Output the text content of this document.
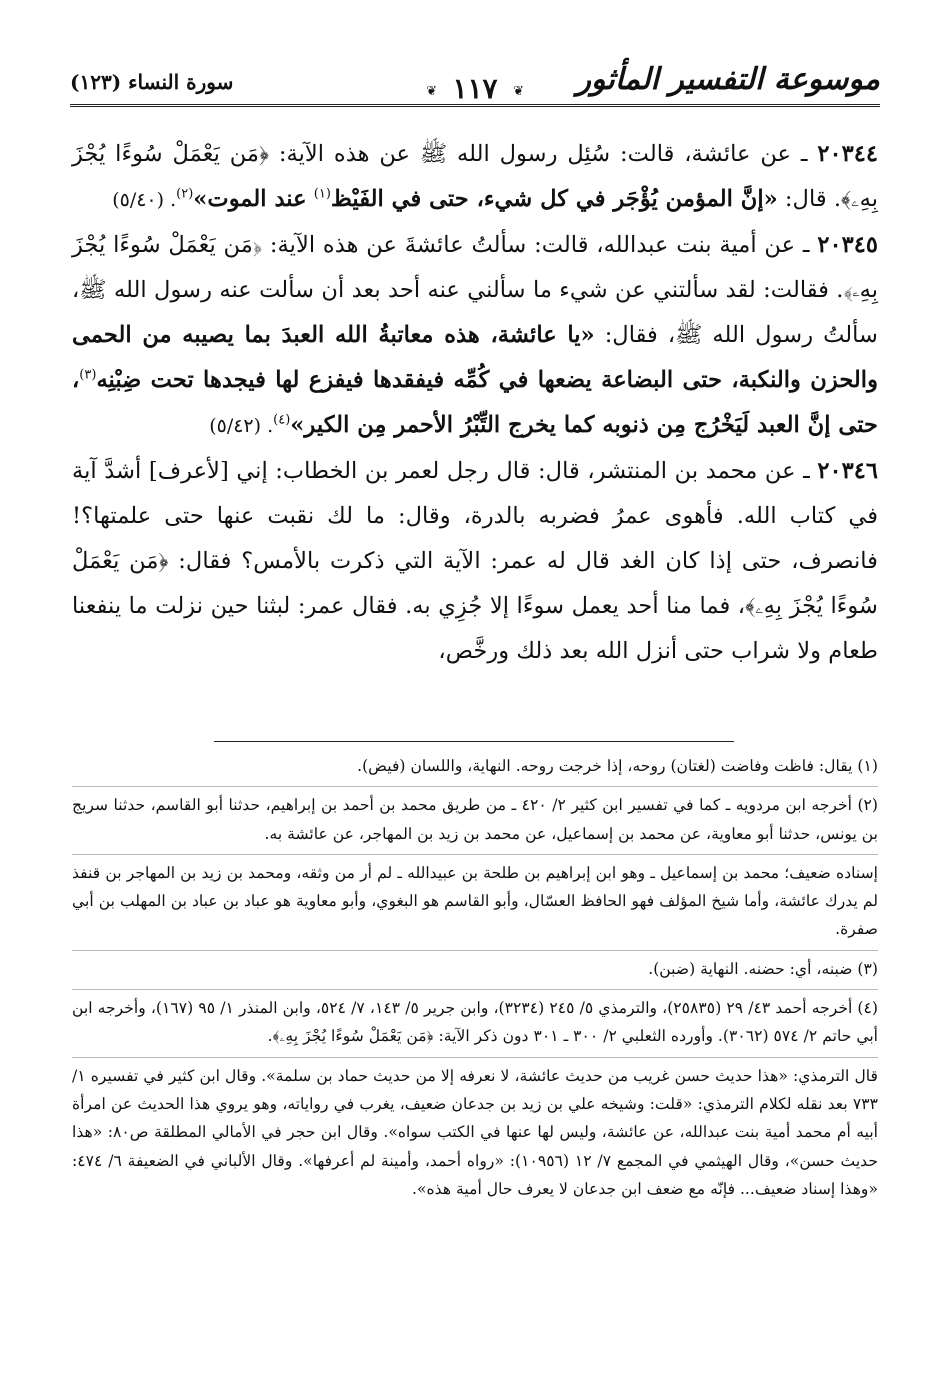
موسوعة التفسير المأثور
❦
١١٧
❦
سورة النساء (١٢٣)

٢٠٣٤٤ ـ عن عائشة، قالت: سُئِل رسول الله ﷺ عن هذه الآية: ﴿مَن يَعْمَلْ سُوءًا يُجْزَ بِهِۦ﴾. قال: «إنَّ المؤمن يُؤْجَر في كل شيء، حتى في الفَيْظ$^{(١)}$ عند الموت»$^{(٢)}$. (٥/٤٠)

٢٠٣٤٥ ـ عن أمية بنت عبدالله، قالت: سألتُ عائشةَ عن هذه الآية: ﴿مَن يَعْمَلْ سُوءًا يُجْزَ بِهِۦ﴾. فقالت: لقد سألتني عن شيء ما سألني عنه أحد بعد أن سألت عنه رسول الله ﷺ، سألتُ رسول الله ﷺ، فقال: «يا عائشة، هذه معاتبةُ الله العبدَ بما يصيبه من الحمى والحزن والنكبة، حتى البضاعة يضعها في كُمِّه فيفقدها فيفزع لها فيجدها تحت ضِبْنِه$^{(٣)}$، حتى إنَّ العبد لَيَخْرُج مِن ذنوبه كما يخرج التِّبْرُ الأحمر مِن الكير»$^{(٤)}$. (٥/٤٢)

٢٠٣٤٦ ـ عن محمد بن المنتشر، قال: قال رجل لعمر بن الخطاب: إني [لأعرف] أشدَّ آية في كتاب الله. فأهوى عمرُ فضربه بالدرة، وقال: ما لك نقبت عنها حتى علمتها؟! فانصرف، حتى إذا كان الغد قال له عمر: الآية التي ذكرت بالأمس؟ فقال: ﴿مَن يَعْمَلْ سُوءًا يُجْزَ بِهِۦ﴾، فما منا أحد يعمل سوءًا إلا جُزِي به. فقال عمر: لبثنا حين نزلت ما ينفعنا طعام ولا شراب حتى أنزل الله بعد ذلك ورخَّص،

(١) يقال: فاظت وفاضت (لغتان) روحه، إذا خرجت روحه. النهاية، واللسان (فيض).

(٢) أخرجه ابن مردويه ـ كما في تفسير ابن كثير ٢/ ٤٢٠ ـ من طريق محمد بن أحمد بن إبراهيم، حدثنا أبو القاسم، حدثنا سريج بن يونس، حدثنا أبو معاوية، عن محمد بن إسماعيل، عن محمد بن زيد بن المهاجر، عن عائشة به.

إسناده ضعيف؛ محمد بن إسماعيل ـ وهو ابن إبراهيم بن طلحة بن عبيدالله ـ لم أر من وثقه، ومحمد بن زيد بن المهاجر بن قنفذ لم يدرك عائشة، وأما شيخ المؤلف فهو الحافظ العسّال، وأبو القاسم هو البغوي، وأبو معاوية هو عباد بن عباد بن المهلب بن أبي صفرة.

(٣) ضبنه، أي: حضنه. النهاية (ضبن).

(٤) أخرجه أحمد ٤٣/ ٢٩ (٢٥٨٣٥)، والترمذي ٥/ ٢٤٥ (٣٢٣٤)، وابن جرير ٥/ ١٤٣، ٧/ ٥٢٤، وابن المنذر ١/ ٩٥ (١٦٧)، وأخرجه ابن أبي حاتم ٢/ ٥٧٤ (٣٠٦٢). وأورده الثعلبي ٢/ ٣٠٠ ـ ٣٠١ دون ذكر الآية: ﴿مَن يَعْمَلْ سُوءًا يُجْزَ بِهِۦ﴾.

قال الترمذي: «هذا حديث حسن غريب من حديث عائشة، لا نعرفه إلا من حديث حماد بن سلمة». وقال ابن كثير في تفسيره ١/ ٧٣٣ بعد نقله لكلام الترمذي: «قلت: وشيخه علي بن زيد بن جدعان ضعيف، يغرب في رواياته، وهو يروي هذا الحديث عن امرأة أبيه أم محمد أمية بنت عبدالله، عن عائشة، وليس لها عنها في الكتب سواه». وقال ابن حجر في الأمالي المطلقة ص٨٠: «هذا حديث حسن»، وقال الهيثمي في المجمع ٧/ ١٢ (١٠٩٥٦): «رواه أحمد، وأمينة لم أعرفها». وقال الألباني في الضعيفة ٦/ ٤٧٤: «وهذا إسناد ضعيف... فإنّه مع ضعف ابن جدعان لا يعرف حال أمية هذه».
